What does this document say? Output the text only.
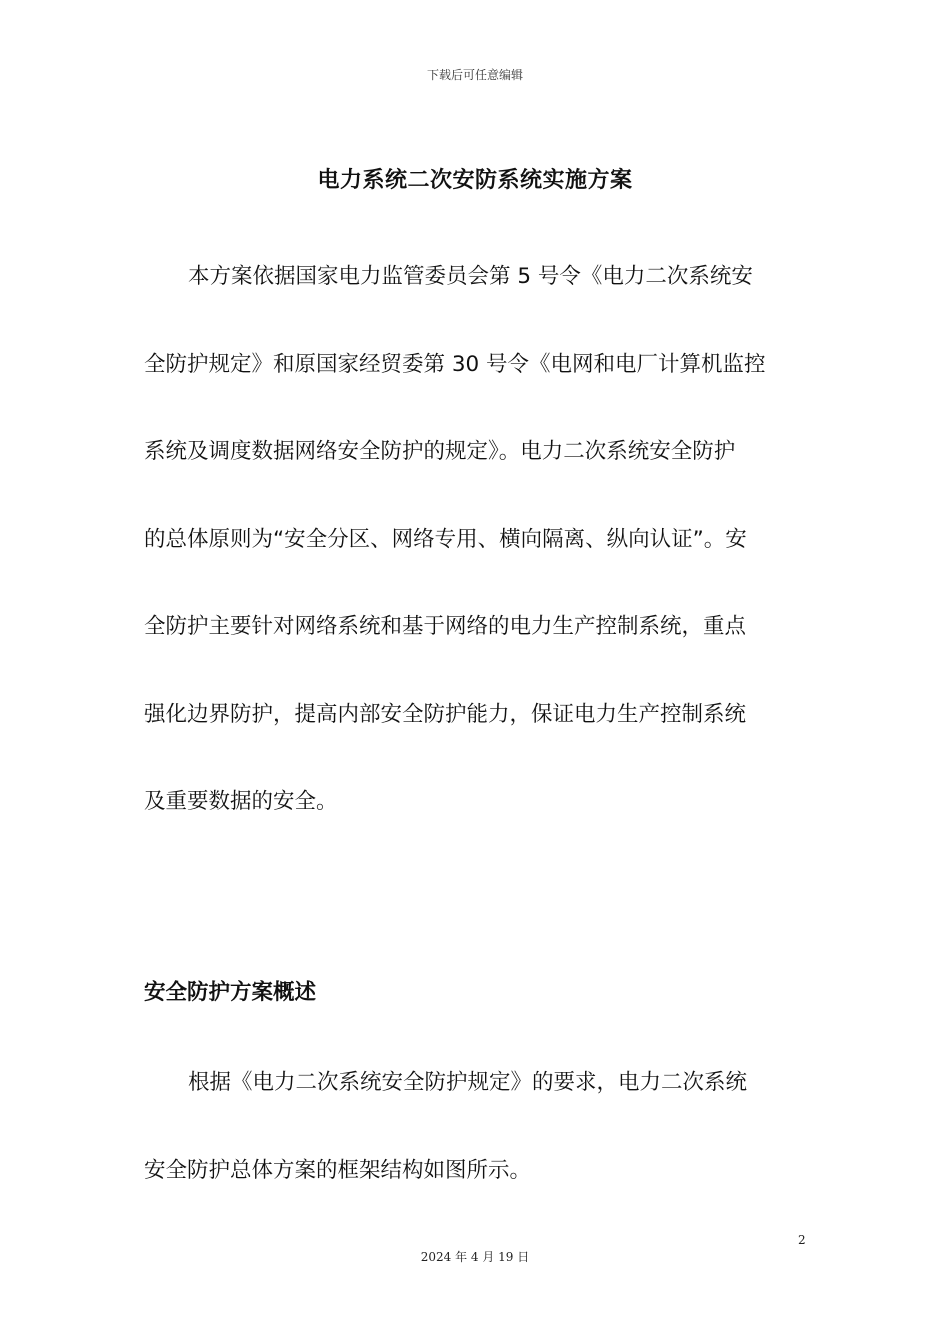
下载后可任意编辑
电力系统二次安防系统实施方案
本方案依据国家电力监管委员会第 5 号令《电力二次系统安
全防护规定》和原国家经贸委第 30 号令《电网和电厂计算机监控
系统及调度数据网络安全防护的规定》。电力二次系统安全防护
的总体原则为“安全分区、网络专用、横向隔离、纵向认证”。安
全防护主要针对网络系统和基于网络的电力生产控制系统，重点
强化边界防护，提高内部安全防护能力，保证电力生产控制系统
及重要数据的安全。
安全防护方案概述
根据《电力二次系统安全防护规定》的要求，电力二次系统
安全防护总体方案的框架结构如图所示。
2
2024 年 4 月 19 日
